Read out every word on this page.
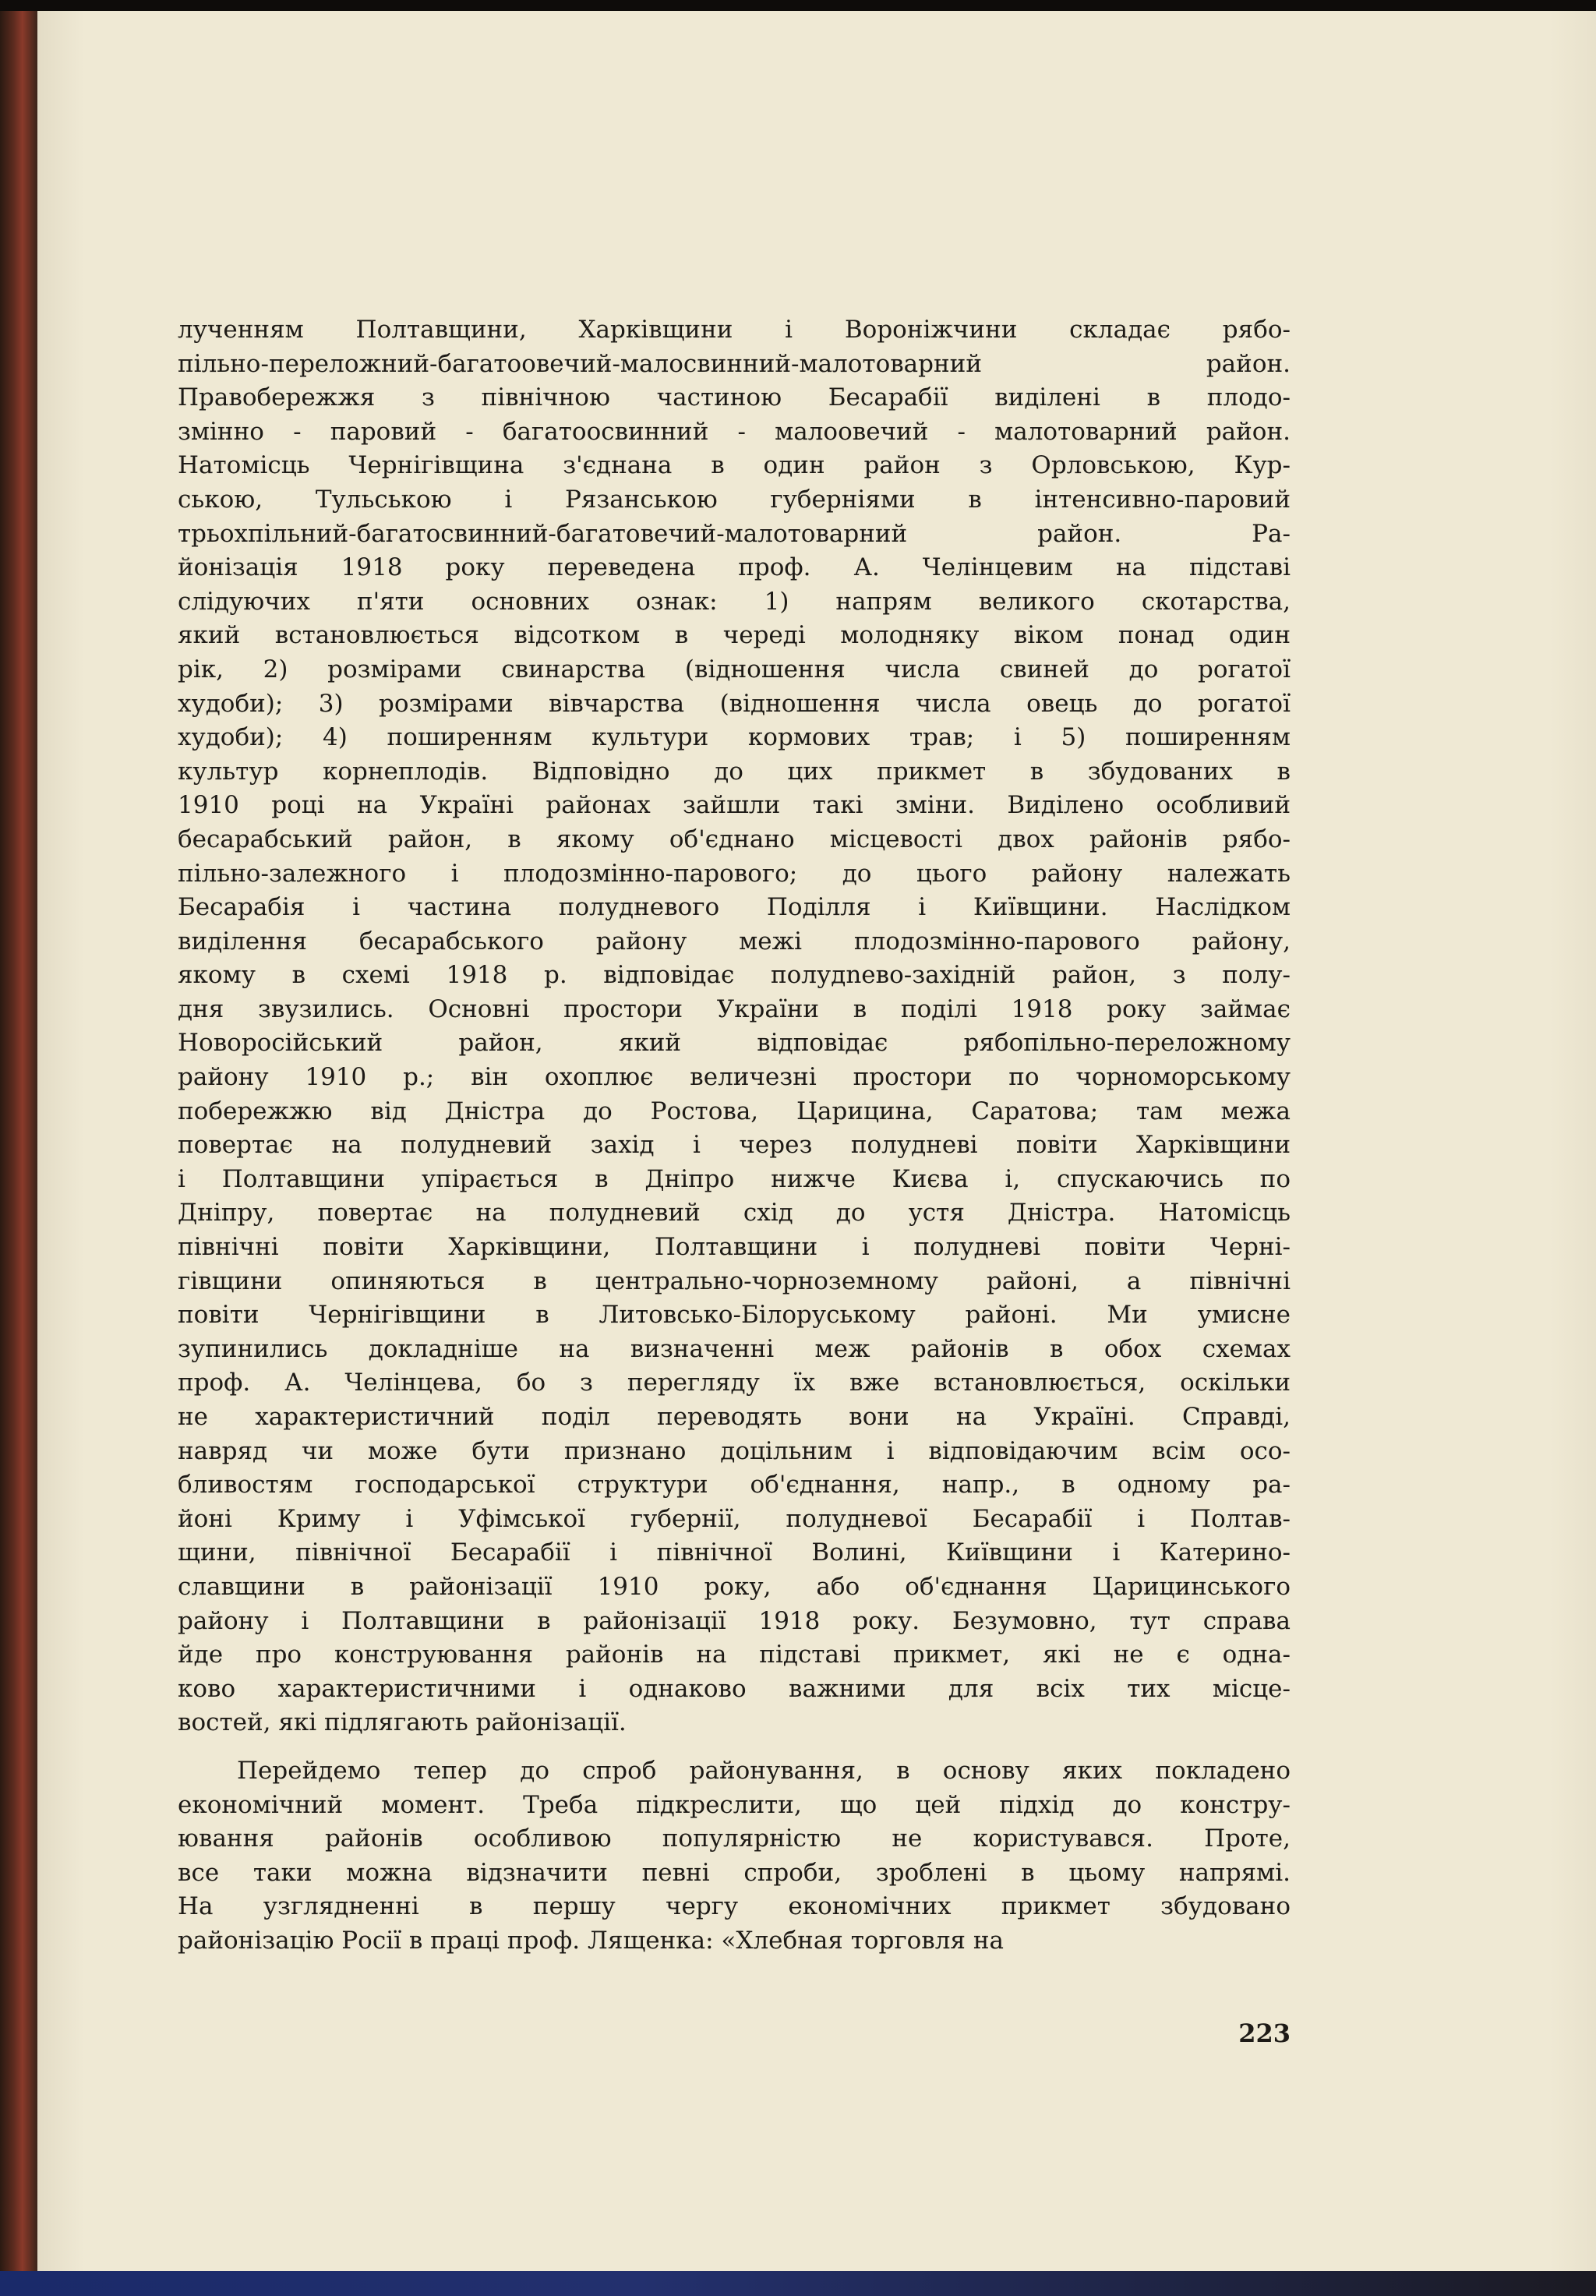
лученням Полтавщини, Харківщини і Вороніжчини складає рябо-
пільно-переложний-багатоовечий-малосвинний-малотоварний район.
Правобережжя з північною частиною Бесарабії виділені в плодо-
змінно - паровий - багатоосвинний - малоовечий - малотоварний район.
Натомісць Чернігівщина з'єднана в один район з Орловською, Кур-
ською, Тульською і Рязанською губерніями в інтенсивно-паровий
трьохпільний-багатосвинний-багатовечий-малотоварний район. Ра-
йонізація 1918 року переведена проф. А. Челінцевим на підставі
слідуючих п'яти основних ознак: 1) напрям великого скотарства,
який встановлюється відсотком в череді молодняку віком понад один
рік, 2) розмірами свинарства (відношення числа свиней до рогатої
худоби); 3) розмірами вівчарства (відношення числа овець до рогатої
худоби); 4) поширенням культури кормових трав; і 5) поширенням
культур корнеплодів. Відповідно до цих прикмет в збудованих в
1910 році на Україні районах зайшли такі зміни. Виділено особливий
бесарабський район, в якому об'єднано місцевості двох районів рябо-
пільно-залежного і плодозмінно-парового; до цього району належать
Бесарабія і частина полудневого Поділля і Київщини. Наслідком
виділення бесарабського району межі плодозмінно-парового району,
якому в схемі 1918 р. відповідає полудneво-західній район, з полу-
дня звузились. Основні простори України в поділі 1918 року займає
Новоросійський район, який відповідає рябопільно-переложному
району 1910 р.; він охоплює величезні простори по чорноморському
побережжю від Дністра до Ростова, Царицина, Саратова; там межа
повертає на полудневий захід і через полудневі повіти Харківщини
і Полтавщини упірається в Дніпро нижче Києва і, спускаючись по
Дніпру, повертає на полудневий схід до устя Дністра. Натомісць
північні повіти Харківщини, Полтавщини і полудневі повіти Черні-
гівщини опиняються в центрально-чорноземному районі, а північні
повіти Чернігівщини в Литовсько-Білоруському районі. Ми умисне
зупинились докладніше на визначенні меж районів в обох схемах
проф. А. Челінцева, бо з перегляду їх вже встановлюється, оскільки
не характеристичний поділ переводять вони на Україні. Справді,
навряд чи може бути признано доцільним і відповідаючим всім осо-
бливостям господарської структури об'єднання, напр., в одному ра-
йоні Криму і Уфімської губернії, полудневої Бесарабії і Полтав-
щини, північної Бесарабії і північної Волині, Київщини і Катерино-
славщини в районізації 1910 року, або об'єднання Царицинського
району і Полтавщини в районізації 1918 року. Безумовно, тут справа
йде про конструювання районів на підставі прикмет, які не є одна-
ково характеристичними і однаково важними для всіх тих місце-
востей, які підлягають районізації.

Перейдемо тепер до спроб районування, в основу яких покладено
економічний момент. Треба підкреслити, що цей підхід до констру-
ювання районів особливою популярністю не користувався. Проте,
все таки можна відзначити певні спроби, зроблені в цьому напрямі.
На узглядненні в першу чергу економічних прикмет збудовано
районізацію Росії в праці проф. Лященка: «Хлебная торговля на

223
